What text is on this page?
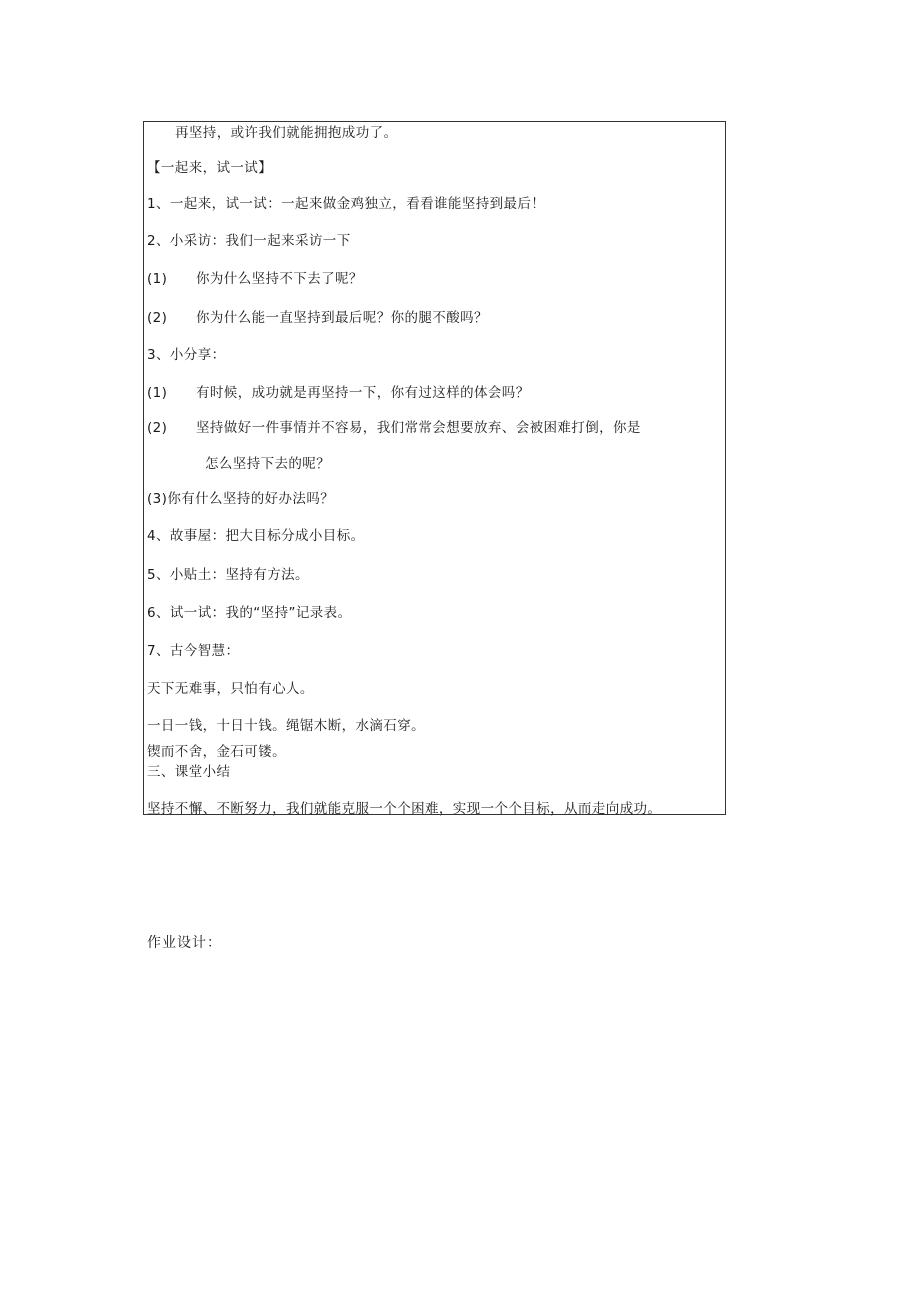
再坚持，或许我们就能拥抱成功了。
【一起来，试一试】
1、一起来，试一试：一起来做金鸡独立，看看谁能坚持到最后！
2、小采访：我们一起来采访一下
(1) 你为什么坚持不下去了呢？
(2) 你为什么能一直坚持到最后呢？你的腿不酸吗？
3、小分享：
(1) 有时候，成功就是再坚持一下，你有过这样的体会吗？
(2) 坚持做好一件事情并不容易，我们常常会想要放弃、会被困难打倒，你是
怎么坚持下去的呢？
(3)你有什么坚持的好办法吗？
4、故事屋：把大目标分成小目标。
5、小贴土：坚持有方法。
6、试一试：我的“坚持”记录表。
7、古今智慧：
天下无难事，只怕有心人。
一日一钱，十日十钱。绳锯木断，水滴石穿。
锲而不舍，金石可镂。
三、课堂小结
坚持不懈、不断努力，我们就能克服一个个困难，实现一个个目标，从而走向成功。
作业设计：
